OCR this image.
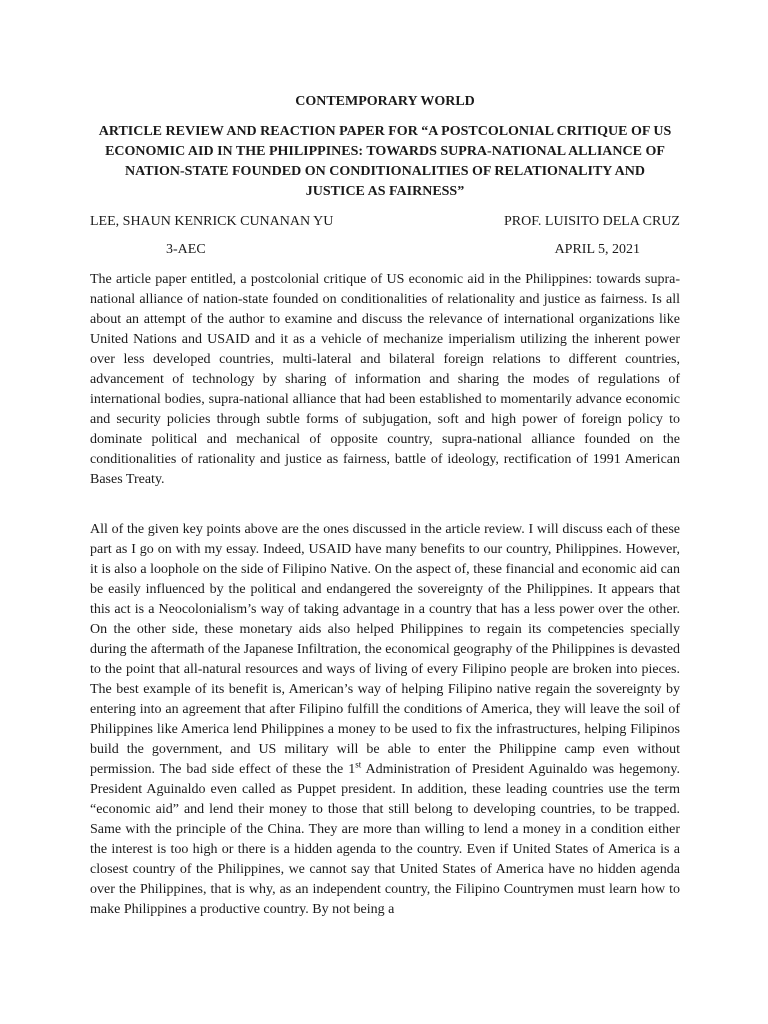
CONTEMPORARY WORLD
ARTICLE REVIEW AND REACTION PAPER FOR “A POSTCOLONIAL CRITIQUE OF US ECONOMIC AID IN THE PHILIPPINES: TOWARDS SUPRA-NATIONAL ALLIANCE OF NATION-STATE FOUNDED ON CONDITIONALITIES OF RELATIONALITY AND JUSTICE AS FAIRNESS”
LEE, SHAUN KENRICK CUNANAN YU	PROF. LUISITO DELA CRUZ
3-AEC	APRIL 5, 2021

The article paper entitled, a postcolonial critique of US economic aid in the Philippines: towards supra-national alliance of nation-state founded on conditionalities of relationality and justice as fairness. Is all about an attempt of the author to examine and discuss the relevance of international organizations like United Nations and USAID and it as a vehicle of mechanize imperialism utilizing the inherent power over less developed countries, multi-lateral and bilateral foreign relations to different countries, advancement of technology by sharing of information and sharing the modes of regulations of international bodies, supra-national alliance that had been established to momentarily advance economic and security policies through subtle forms of subjugation, soft and high power of foreign policy to dominate political and mechanical of opposite country, supra-national alliance founded on the conditionalities of rationality and justice as fairness, battle of ideology, rectification of 1991 American Bases Treaty.

All of the given key points above are the ones discussed in the article review. I will discuss each of these part as I go on with my essay. Indeed, USAID have many benefits to our country, Philippines. However, it is also a loophole on the side of Filipino Native. On the aspect of, these financial and economic aid can be easily influenced by the political and endangered the sovereignty of the Philippines. It appears that this act is a Neocolonialism’s way of taking advantage in a country that has a less power over the other. On the other side, these monetary aids also helped Philippines to regain its competencies specially during the aftermath of the Japanese Infiltration, the economical geography of the Philippines is devasted to the point that all-natural resources and ways of living of every Filipino people are broken into pieces. The best example of its benefit is, American’s way of helping Filipino native regain the sovereignty by entering into an agreement that after Filipino fulfill the conditions of America, they will leave the soil of Philippines like America lend Philippines a money to be used to fix the infrastructures, helping Filipinos build the government, and US military will be able to enter the Philippine camp even without permission. The bad side effect of these the 1st Administration of President Aguinaldo was hegemony. President Aguinaldo even called as Puppet president. In addition, these leading countries use the term “economic aid” and lend their money to those that still belong to developing countries, to be trapped. Same with the principle of the China. They are more than willing to lend a money in a condition either the interest is too high or there is a hidden agenda to the country. Even if United States of America is a closest country of the Philippines, we cannot say that United States of America have no hidden agenda over the Philippines, that is why, as an independent country, the Filipino Countrymen must learn how to make Philippines a productive country. By not being a
